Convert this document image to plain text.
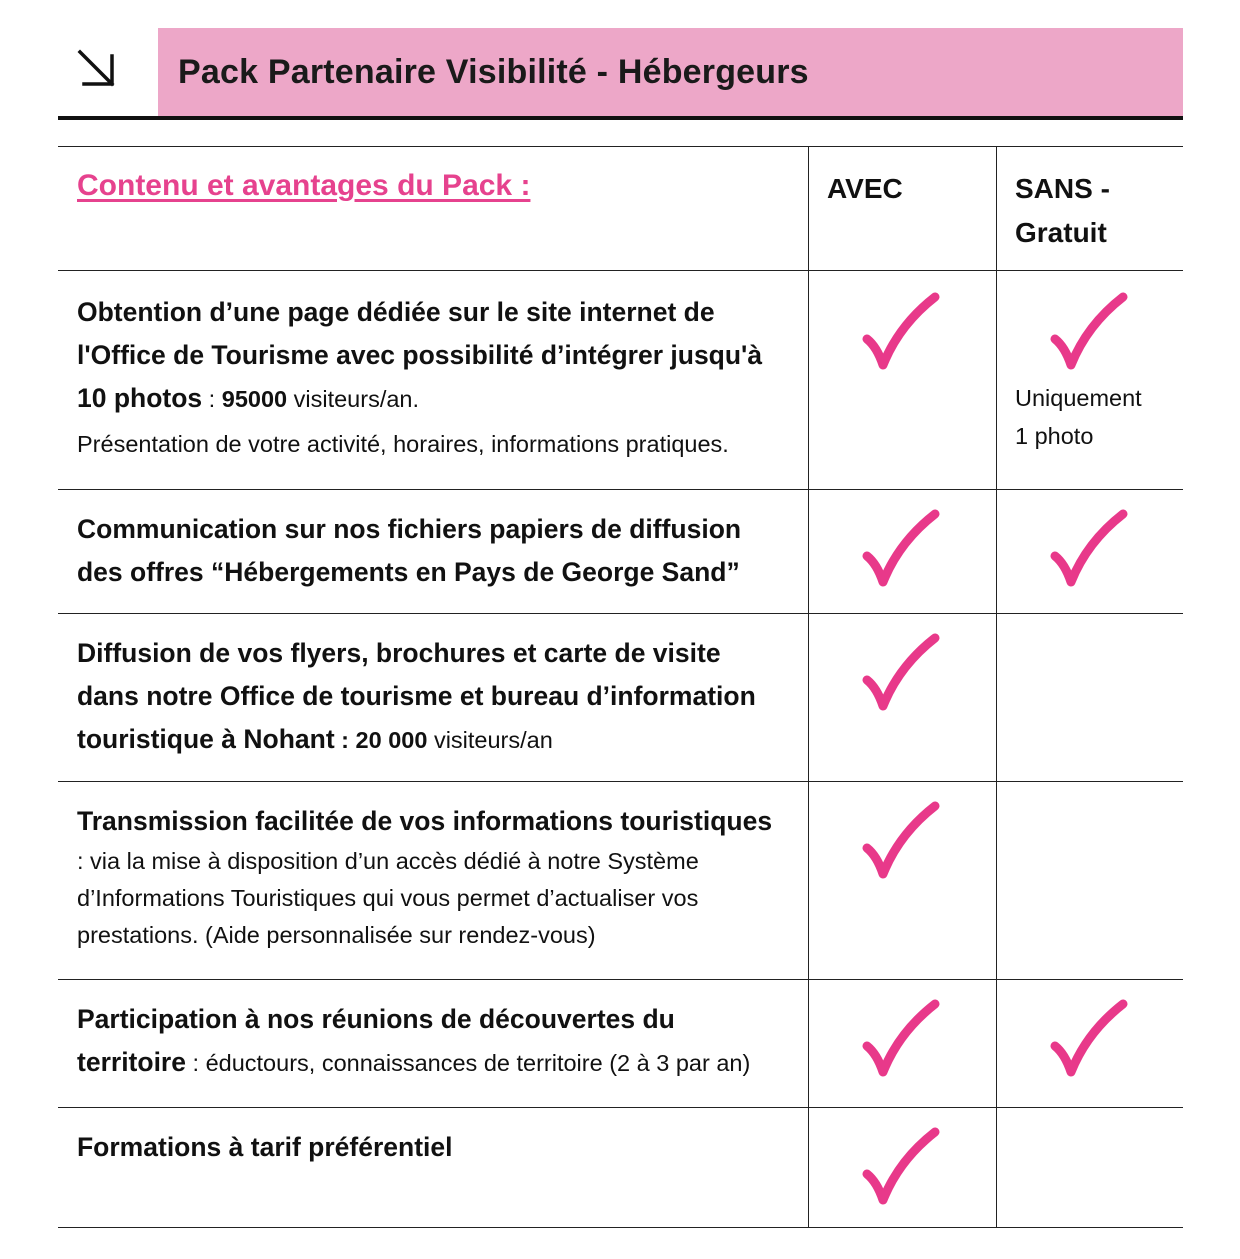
Pack Partenaire Visibilité - Hébergeurs
Contenu et avantages du Pack :	AVEC	SANS -
Gratuit
Obtention d’une page dédiée sur le site internet de
l'Office de Tourisme avec possibilité d’intégrer jusqu'à
10 photos : 95000 visiteurs/an.
Présentation de votre activité, horaires, informations pratiques.
Uniquement
1 photo
Communication sur nos fichiers papiers de diffusion
des offres “Hébergements en Pays de George Sand”
Diffusion de vos flyers, brochures et carte de visite
dans notre Office de tourisme et bureau d’information
touristique à Nohant : 20 000 visiteurs/an
Transmission facilitée de vos informations touristiques
: via la mise à disposition d’un accès dédié à notre Système
d’Informations Touristiques qui vous permet d’actualiser vos
prestations. (Aide personnalisée sur rendez-vous)
Participation à nos réunions de découvertes du
territoire : éductours, connaissances de territoire (2 à 3 par an)
Formations à tarif préférentiel
